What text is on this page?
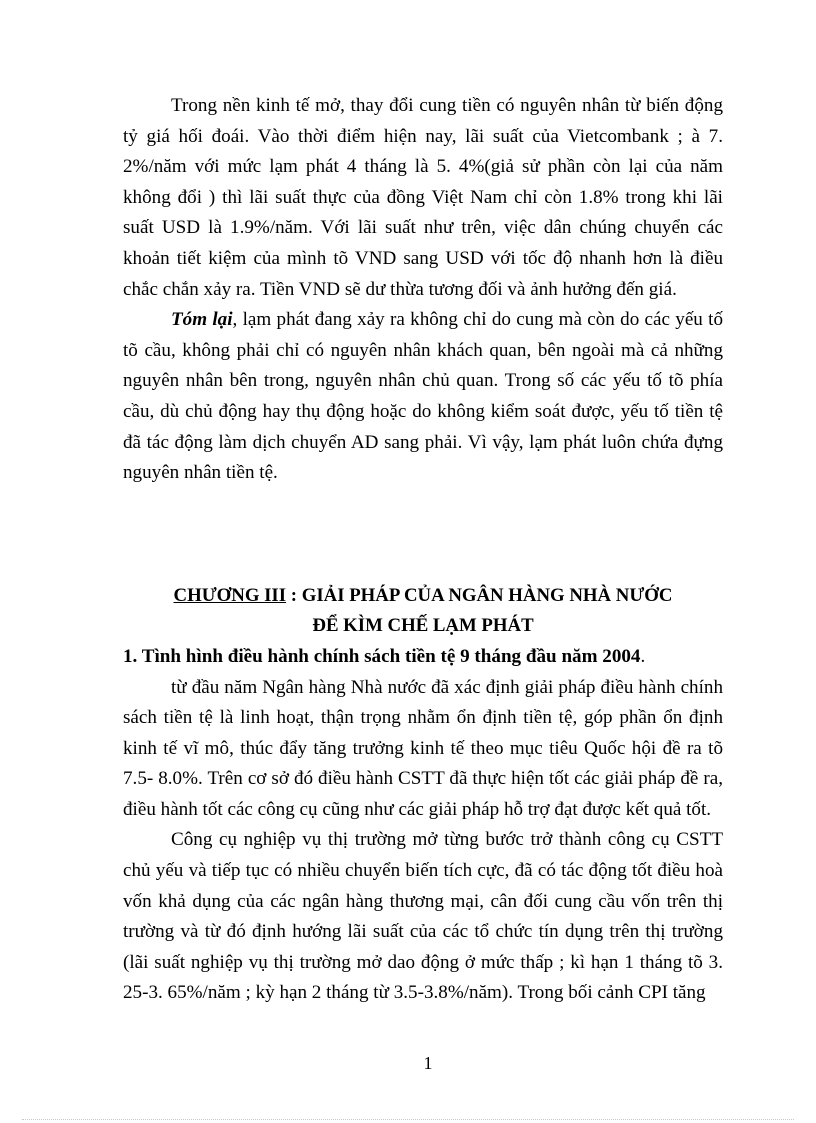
Trong nền kinh tế mở, thay đổi cung tiền có nguyên nhân từ biến động tỷ giá hối đoái. Vào thời điểm hiện nay, lãi suất của Vietcombank ; à 7. 2%/năm với mức lạm phát 4 tháng là 5. 4%(giả sử phần còn lại của năm không đổi ) thì lãi suất thực của đồng Việt Nam chỉ còn 1.8% trong khi lãi suất USD là 1.9%/năm. Với lãi suất như trên, việc dân chúng chuyển các khoản tiết kiệm của mình tõ VND sang USD với tốc độ nhanh hơn là điều chắc chắn xảy ra. Tiền VND sẽ dư thừa tương đối và ảnh hưởng đến giá.

Tóm lại, lạm phát đang xảy ra không chỉ do cung mà còn do các yếu tố tõ cầu, không phải chỉ có nguyên nhân khách quan, bên ngoài mà cả những nguyên nhân bên trong, nguyên nhân chủ quan. Trong số các yếu tố tõ phía cầu, dù chủ động hay thụ động hoặc do không kiểm soát được, yếu tố tiền tệ đã tác động làm dịch chuyển AD sang phải. Vì vậy, lạm phát luôn chứa đựng nguyên nhân tiền tệ.

CHƯƠNG III : GIẢI PHÁP CỦA NGÂN HÀNG NHÀ NƯỚC

ĐỂ KÌM CHẾ LẠM PHÁT

1. Tình hình điều hành chính sách tiền tệ 9 tháng đầu năm 2004.

từ đầu năm Ngân hàng Nhà nước đã xác định giải pháp điều hành chính sách tiền tệ là linh hoạt, thận trọng nhằm ổn định tiền tệ, góp phần ổn định kinh tế vĩ mô, thúc đẩy tăng trưởng kinh tế theo mục tiêu Quốc hội đề ra tõ 7.5- 8.0%. Trên cơ sở đó điều hành CSTT đã thực hiện tốt các giải pháp đề ra, điều hành tốt các công cụ cũng như các giải pháp hỗ trợ đạt được kết quả tốt.

Công cụ nghiệp vụ thị trường mở từng bước trở thành công cụ CSTT chủ yếu và tiếp tục có nhiều chuyển biến tích cực, đã có tác động tốt điều hoà vốn khả dụng của các ngân hàng thương mại, cân đối cung cầu vốn trên thị trường và từ đó định hướng lãi suất của các tổ chức tín dụng trên thị trường (lãi suất nghiệp vụ thị trường mở dao động ở mức thấp ; kì hạn 1 tháng tõ 3. 25-3. 65%/năm ; kỳ hạn 2 tháng từ 3.5-3.8%/năm). Trong bối cảnh CPI tăng

1
